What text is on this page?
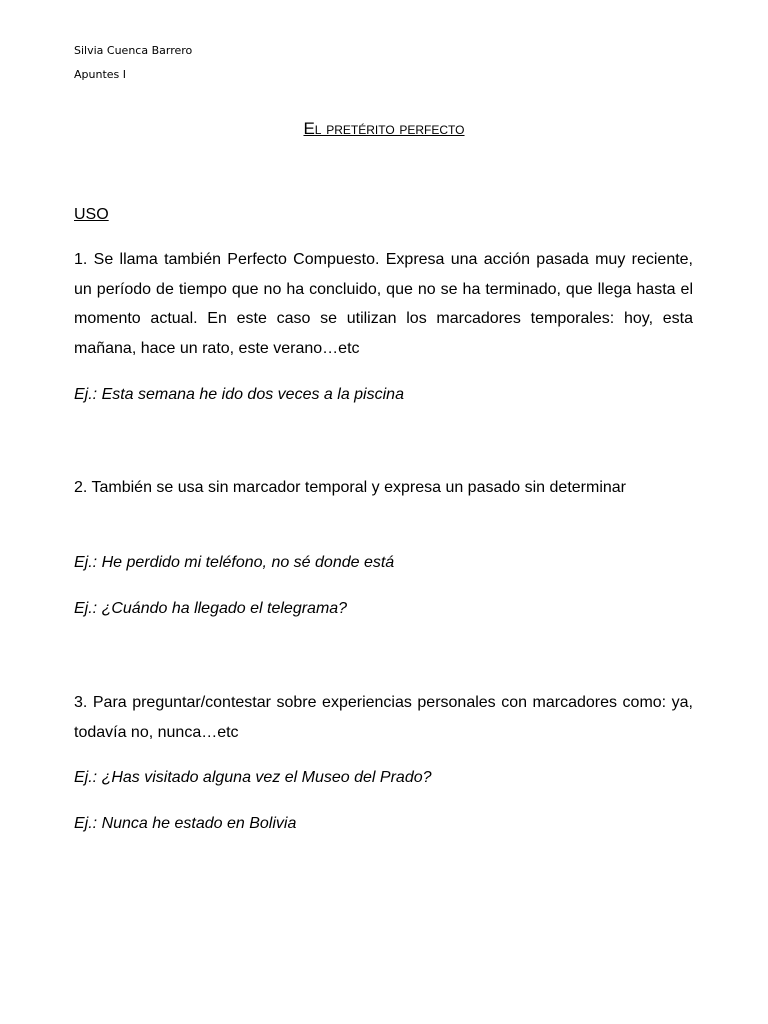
Silvia Cuenca Barrero
Apuntes I
El pretérito perfecto
USO

1. Se llama también Perfecto Compuesto. Expresa una acción pasada muy reciente, un período de tiempo que no ha concluido, que no se ha terminado, que llega hasta el momento actual. En este caso se utilizan los marcadores temporales: hoy, esta mañana, hace un rato, este verano…etc

Ej.: Esta semana he ido dos veces a la piscina

2. También se usa sin marcador temporal y expresa un pasado sin determinar

Ej.: He perdido mi teléfono, no sé donde está

Ej.: ¿Cuándo ha llegado el telegrama?

3. Para preguntar/contestar sobre experiencias personales con marcadores como: ya, todavía no, nunca…etc

Ej.: ¿Has visitado alguna vez el Museo del Prado?

Ej.: Nunca he estado en Bolivia
